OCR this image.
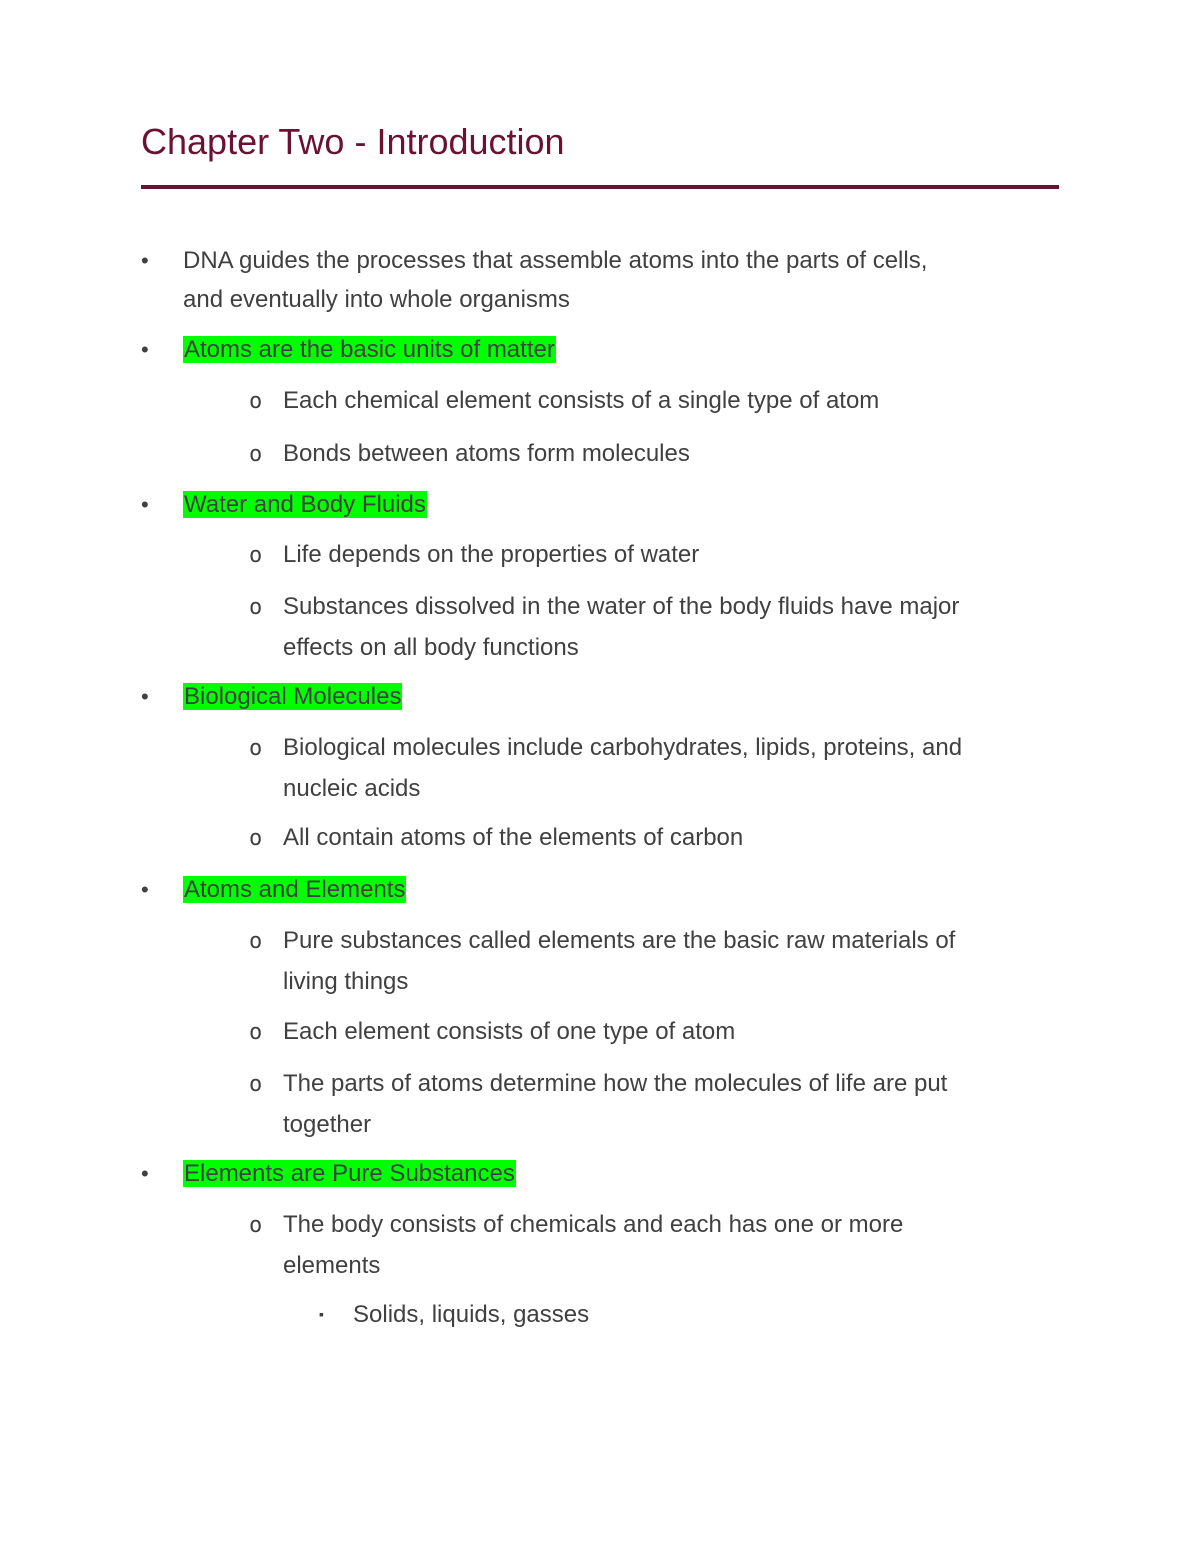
Chapter Two - Introduction
• DNA guides the processes that assemble atoms into the parts of cells,
and eventually into whole organisms
• Atoms are the basic units of matter
o Each chemical element consists of a single type of atom
o Bonds between atoms form molecules
• Water and Body Fluids
o Life depends on the properties of water
o Substances dissolved in the water of the body fluids have major
effects on all body functions
• Biological Molecules
o Biological molecules include carbohydrates, lipids, proteins, and
nucleic acids
o All contain atoms of the elements of carbon
• Atoms and Elements
o Pure substances called elements are the basic raw materials of
living things
o Each element consists of one type of atom
o The parts of atoms determine how the molecules of life are put
together
• Elements are Pure Substances
o The body consists of chemicals and each has one or more
elements
▪ Solids, liquids, gasses
